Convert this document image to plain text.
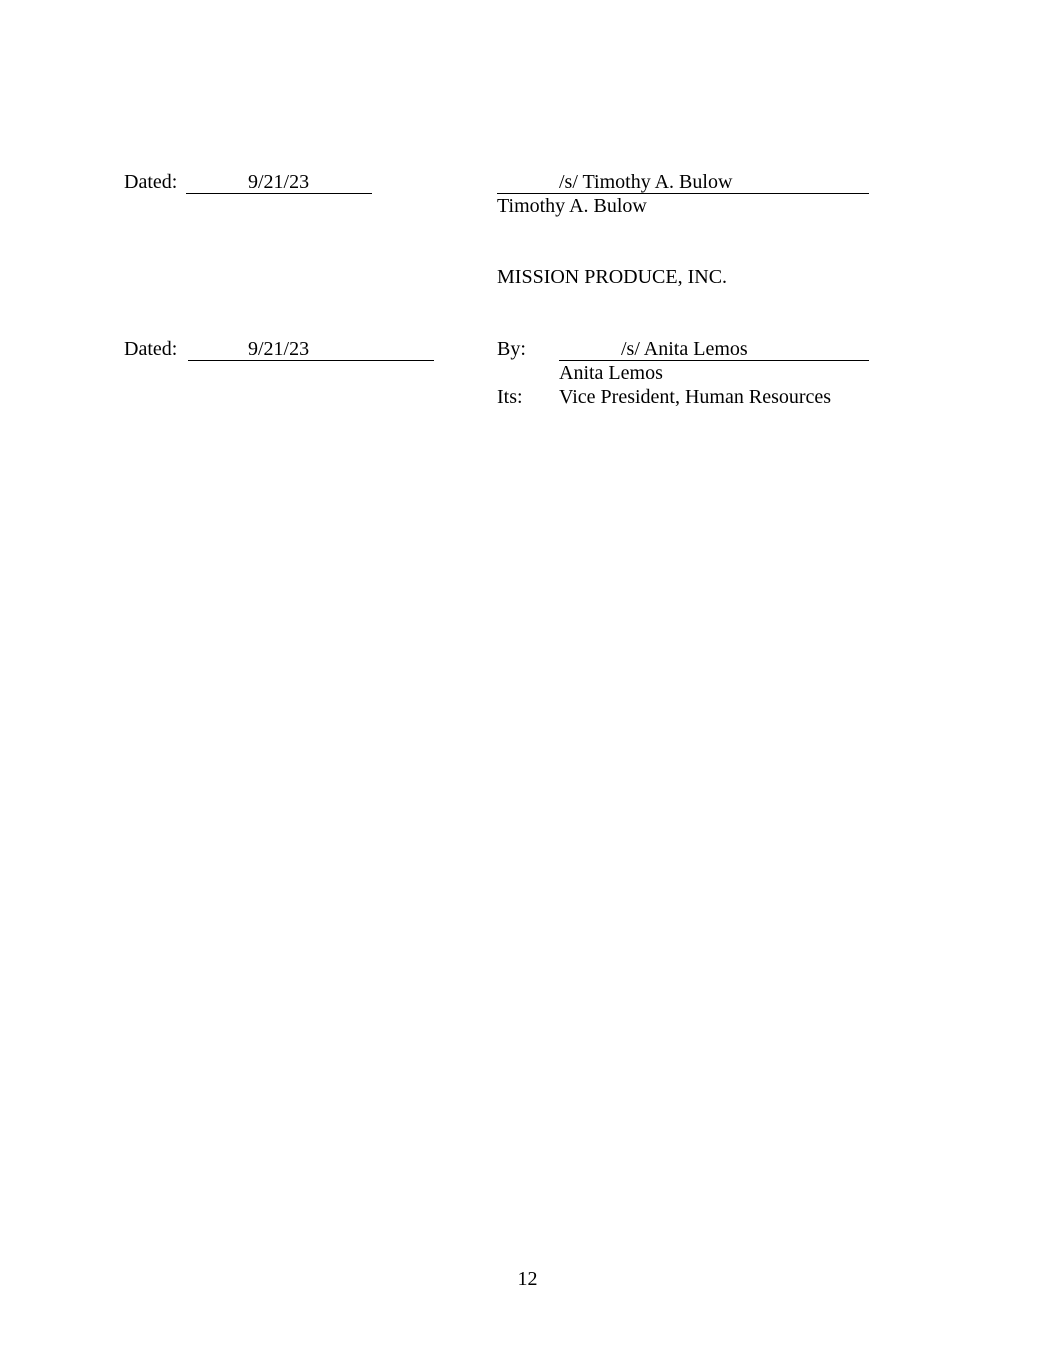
Dated:	9/21/23	/s/ Timothy A. Bulow
Timothy A. Bulow
MISSION PRODUCE, INC.
Dated:	9/21/23	By:	/s/ Anita Lemos
Anita Lemos
Its: Vice President, Human Resources
12
